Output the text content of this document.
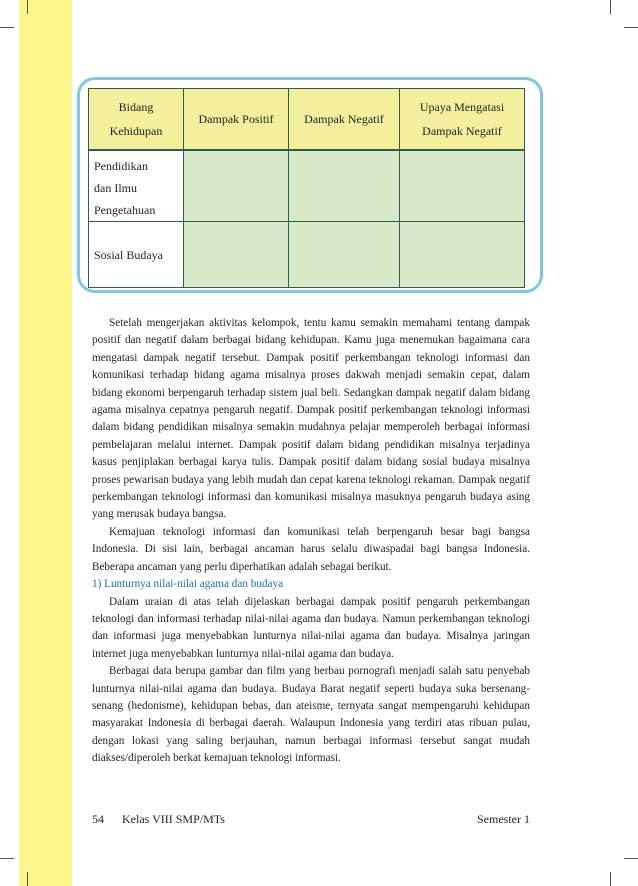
Bidang
Kehidupan
Dampak Positif	Dampak Negatif
Upaya Mengatasi
Dampak Negatif
Pendidikan
dan Ilmu
Pengetahuan
Sosial Budaya

Setelah mengerjakan aktivitas kelompok, tentu kamu semakin memahami tentang dampak positif dan negatif dalam berbagai bidang kehidupan. Kamu juga menemukan bagaimana cara mengatasi dampak negatif tersebut. Dampak positif perkembangan teknologi informasi dan komunikasi terhadap bidang agama misalnya proses dakwah menjadi semakin cepat, dalam bidang ekonomi berpengaruh terhadap sistem jual beli. Sedangkan dampak negatif dalam bidang agama misalnya cepatnya pengaruh negatif. Dampak positif perkembangan teknologi informasi dalam bidang pendidikan misalnya semakin mudahnya pelajar memperoleh berbagai informasi pembelajaran melalui internet. Dampak positif dalam bidang pendidikan misalnya terjadinya kasus penjiplakan berbagai karya tulis. Dampak positif dalam bidang sosial budaya misalnya proses pewarisan budaya yang lebih mudah dan cepat karena teknologi rekaman. Dampak negatif perkembangan teknologi informasi dan komunikasi misalnya masuknya pengaruh budaya asing yang merusak budaya bangsa.

Kemajuan teknologi informasi dan komunikasi telah berpengaruh besar bagi bangsa Indonesia. Di sisi lain, berbagai ancaman harus selalu diwaspadai bagi bangsa Indonesia. Beberapa ancaman yang perlu diperhatikan adalah sebagai berikut.

1) Lunturnya nilai-nilai agama dan budaya

Dalam uraian di atas telah dijelaskan berbagai dampak positif pengaruh perkembangan teknologi dan informasi terhadap nilai-nilai agama dan budaya. Namun perkembangan teknologi dan informasi juga menyebabkan lunturnya nilai-nilai agama dan budaya. Misalnya jaringan internet juga menyebabkan lunturnya nilai-nilai agama dan budaya.

Berbagai data berupa gambar dan film yang berbau pornografi menjadi salah satu penyebab lunturnya nilai-nilai agama dan budaya. Budaya Barat negatif seperti budaya suka bersenang-senang (hedonisme), kehidupan bebas, dan ateisme, ternyata sangat mempengaruhi kehidupan masyarakat Indonesia di berbagai daerah. Walaupun Indonesia yang terdiri atas ribuan pulau, dengan lokasi yang saling berjauhan, namun berbagai informasi tersebut sangat mudah diakses/diperoleh berkat kemajuan teknologi informasi.

54 Kelas VIII SMP/MTs	Semester 1
